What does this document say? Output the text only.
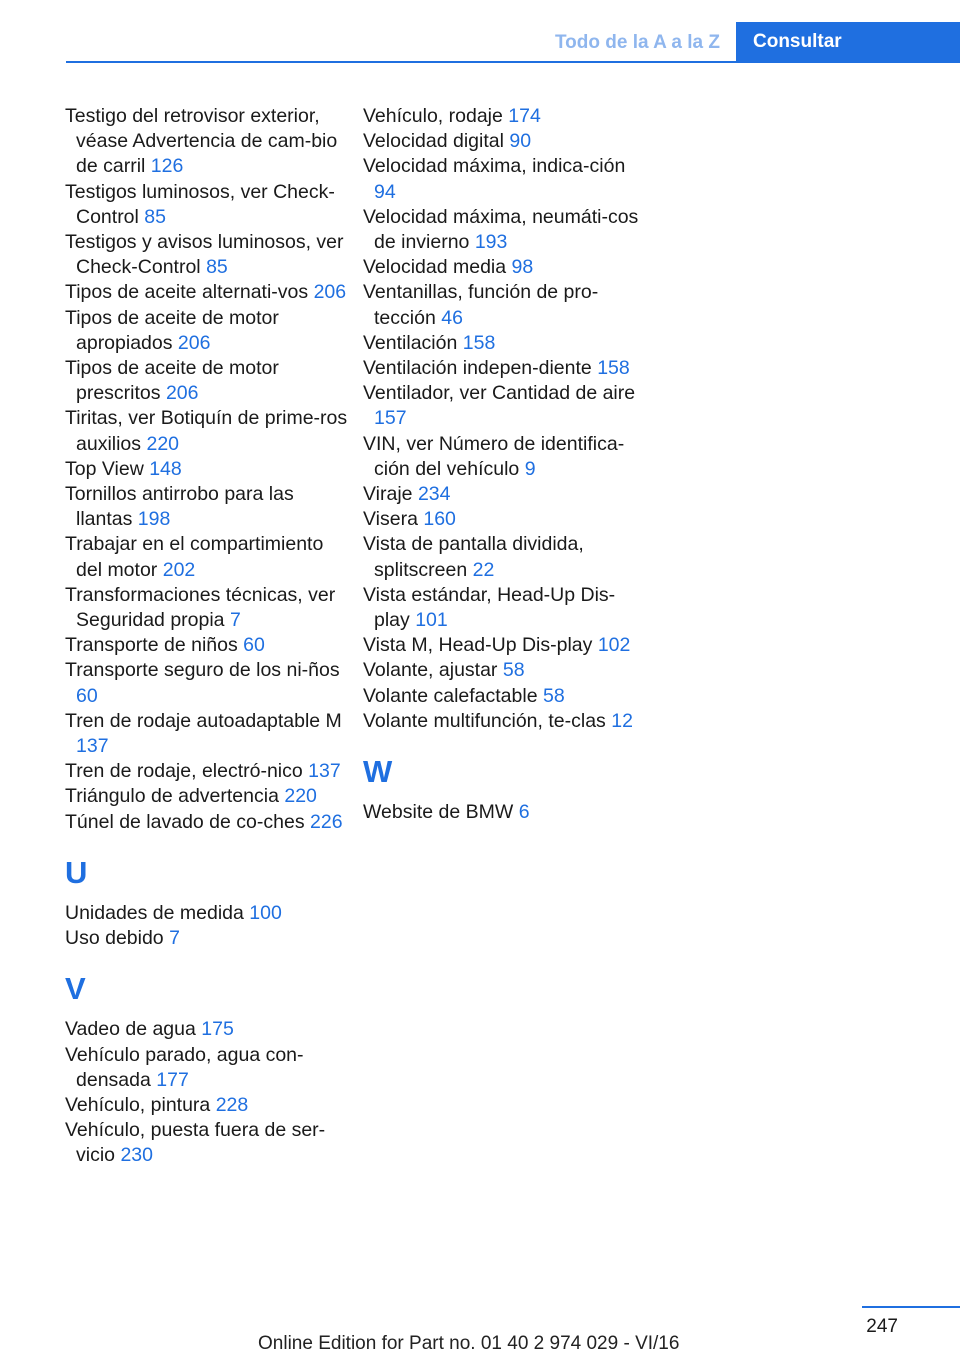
Todo de la A a la Z	Consultar
Testigo del retrovisor exterior, véase Advertencia de cam‐bio de carril 126
Testigos luminosos, ver Check-Control 85
Testigos y avisos luminosos, ver Check-Control 85
Tipos de aceite alternati‐vos 206
Tipos de aceite de motor apropiados 206
Tipos de aceite de motor prescritos 206
Tiritas, ver Botiquín de prime‐ros auxilios 220
Top View 148
Tornillos antirrobo para las llantas 198
Trabajar en el compartimiento del motor 202
Transformaciones técnicas, ver Seguridad propia 7
Transporte de niños 60
Transporte seguro de los ni‐ños 60
Tren de rodaje autoadaptable M 137
Tren de rodaje, electró‐nico 137
Triángulo de advertencia 220
Túnel de lavado de co‐ches 226
U
Unidades de medida 100
Uso debido 7
V
Vadeo de agua 175
Vehículo parado, agua con‐densada 177
Vehículo, pintura 228
Vehículo, puesta fuera de ser‐vicio 230
Vehículo, rodaje 174
Velocidad digital 90
Velocidad máxima, indica‐ción 94
Velocidad máxima, neumáti‐cos de invierno 193
Velocidad media 98
Ventanillas, función de pro‐tección 46
Ventilación 158
Ventilación indepen‐diente 158
Ventilador, ver Cantidad de aire 157
VIN, ver Número de identifica‐ción del vehículo 9
Viraje 234
Visera 160
Vista de pantalla dividida, splitscreen 22
Vista estándar, Head-Up Dis‐play 101
Vista M, Head-Up Dis‐play 102
Volante, ajustar 58
Volante calefactable 58
Volante multifunción, te‐clas 12
W
Website de BMW 6
247
Online Edition for Part no. 01 40 2 974 029 - VI/16
